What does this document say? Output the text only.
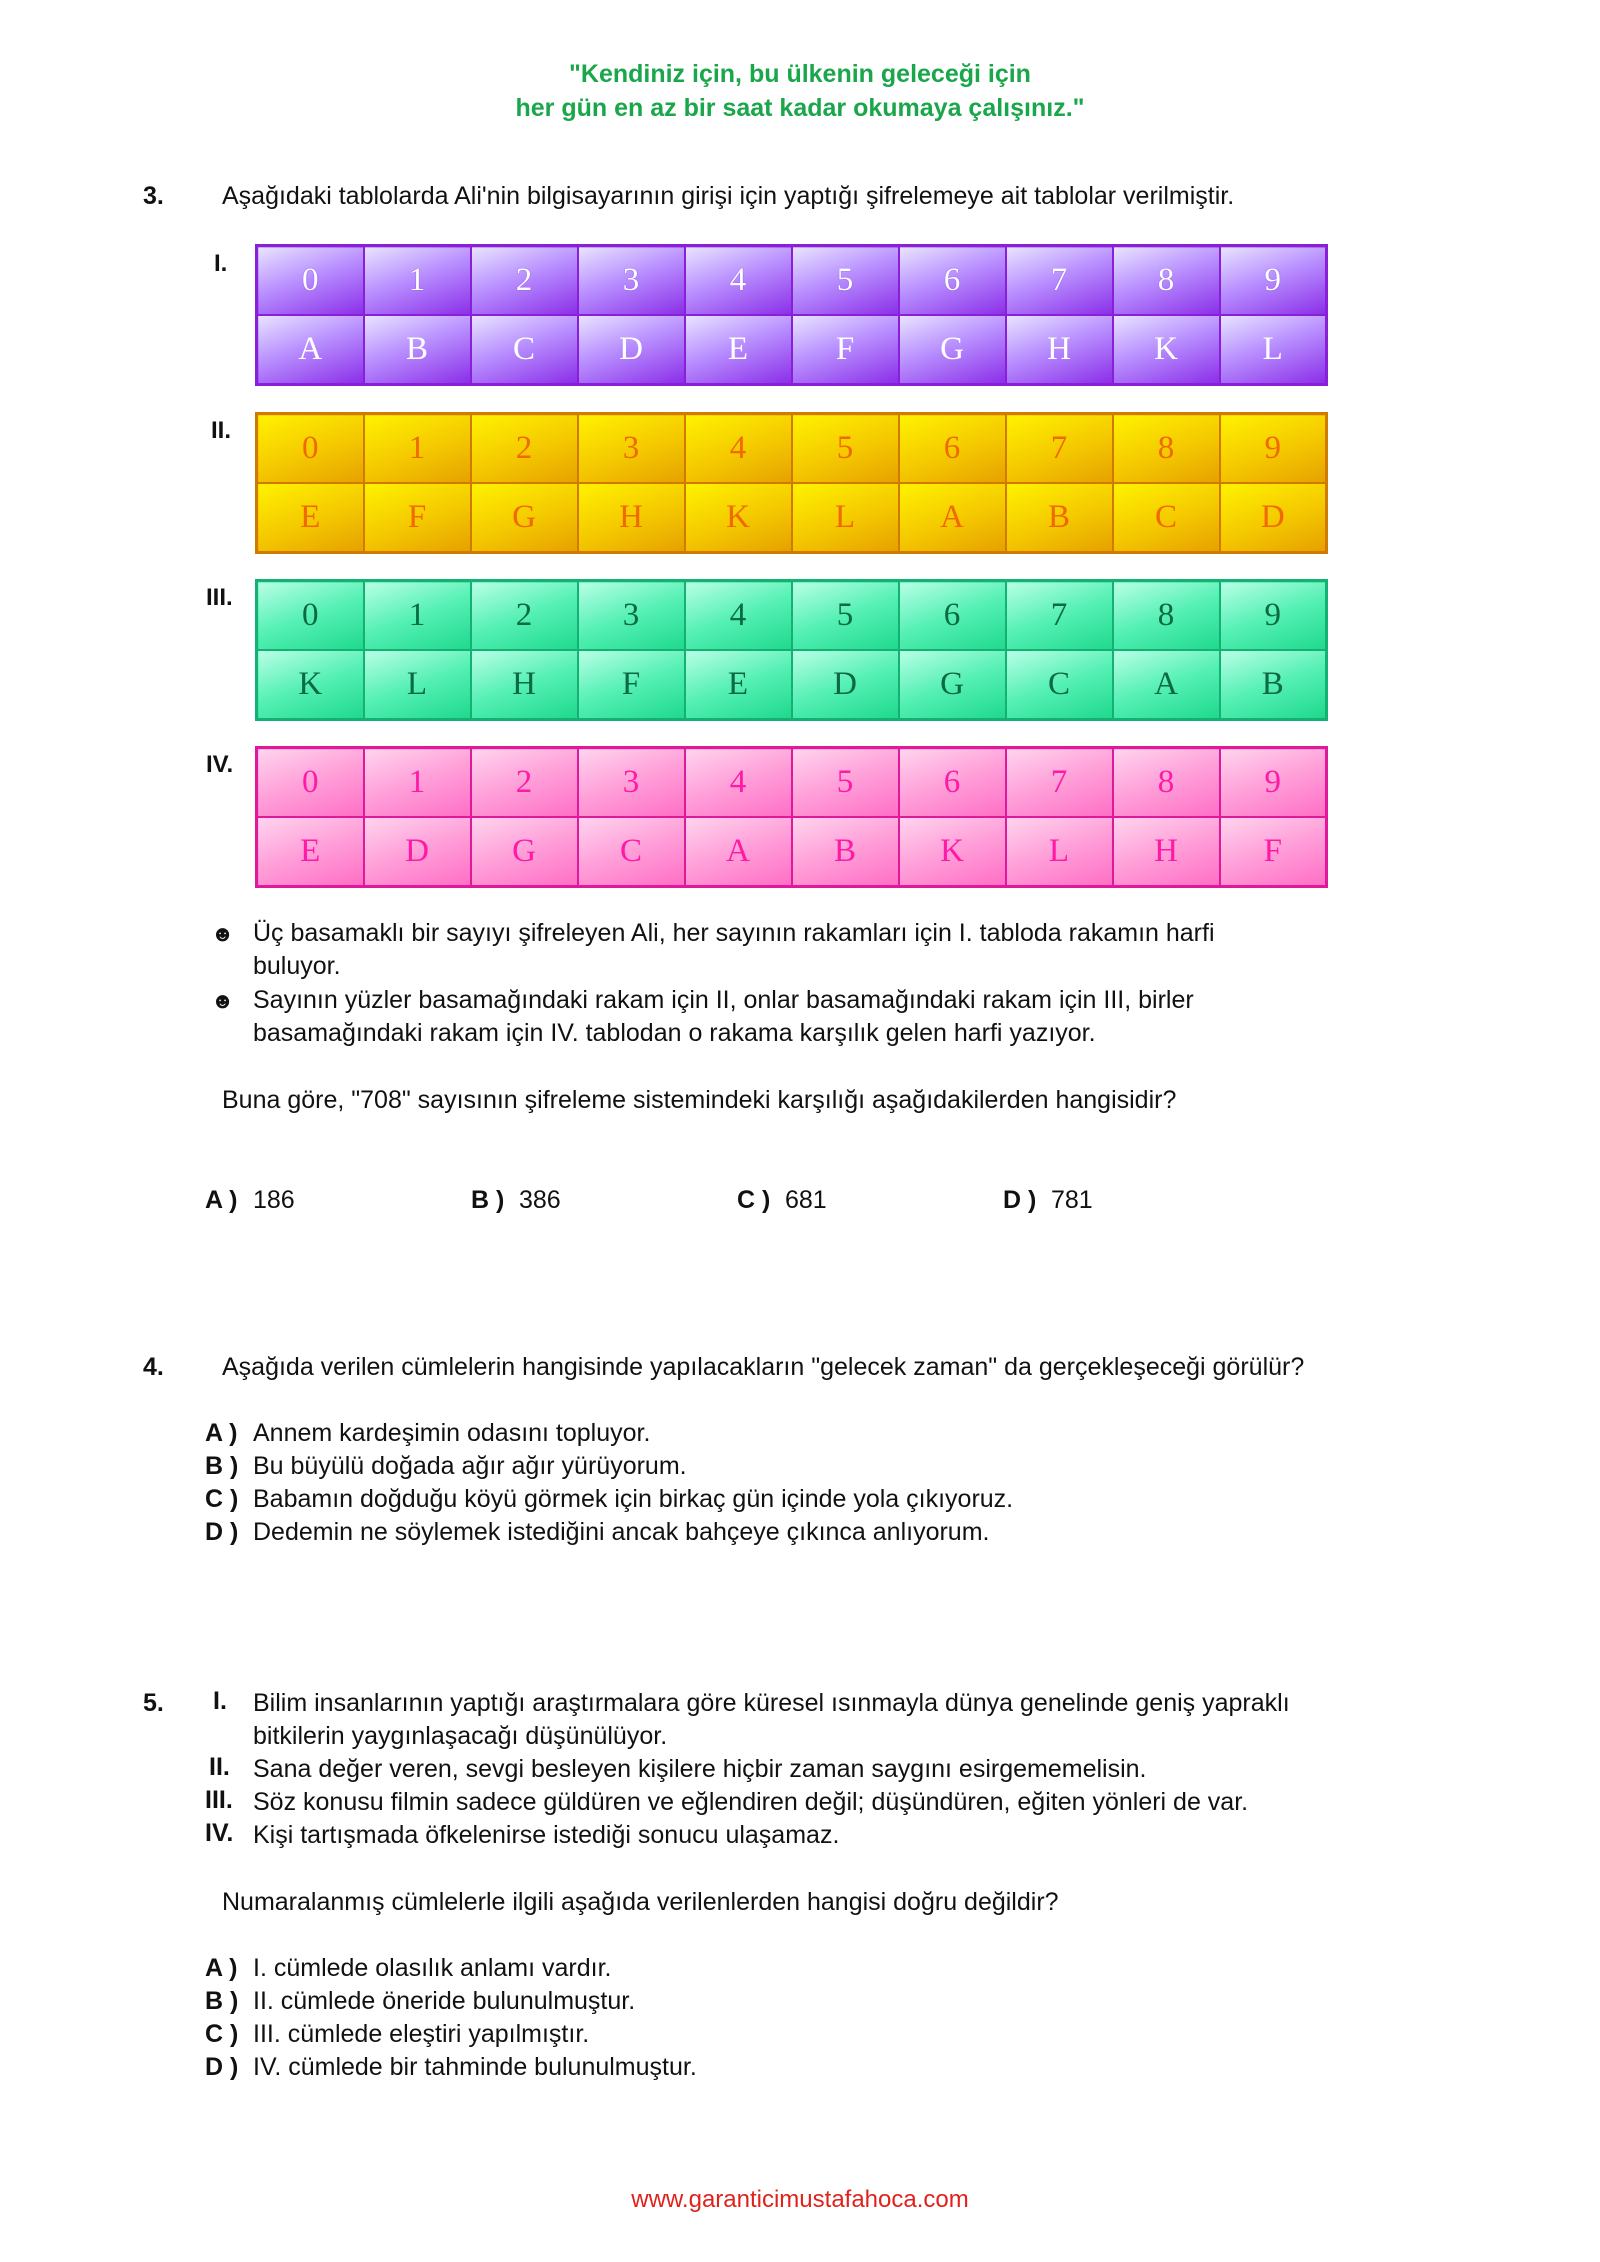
"Kendiniz için, bu ülkenin geleceği için
her gün en az bir saat kadar okumaya çalışınız."
3. Aşağıdaki tablolarda Ali'nin bilgisayarının girişi için yaptığı şifrelemeye ait tablolar verilmiştir.
I. 0	1	2	3	4	5	6	7	8	9
A	B	C	D	E	F	G	H	K	L
II. 0	1	2	3	4	5	6	7	8	9
E	F	G	H	K	L	A	B	C	D
III. 0	1	2	3	4	5	6	7	8	9
K	L	H	F	E	D	G	C	A	B
IV. 0	1	2	3	4	5	6	7	8	9
E	D	G	C	A	B	K	L	H	F
☻ Üç basamaklı bir sayıyı şifreleyen Ali, her sayının rakamları için I. tabloda rakamın harfi
buluyor.
☻ Sayının yüzler basamağındaki rakam için II, onlar basamağındaki rakam için III, birler
basamağındaki rakam için IV. tablodan o rakama karşılık gelen harfi yazıyor.
Buna göre, "708" sayısının şifreleme sistemindeki karşılığı aşağıdakilerden hangisidir?
A ) 186	B ) 386	C ) 681	D ) 781
4. Aşağıda verilen cümlelerin hangisinde yapılacakların "gelecek zaman" da gerçekleşeceği görülür?
A ) Annem kardeşimin odasını topluyor.
B ) Bu büyülü doğada ağır ağır yürüyorum.
C ) Babamın doğduğu köyü görmek için birkaç gün içinde yola çıkıyoruz.
D ) Dedemin ne söylemek istediğini ancak bahçeye çıkınca anlıyorum.
5. I. Bilim insanlarının yaptığı araştırmalara göre küresel ısınmayla dünya genelinde geniş yapraklı
bitkilerin yaygınlaşacağı düşünülüyor.
II. Sana değer veren, sevgi besleyen kişilere hiçbir zaman saygını esirgememelisin.
III. Söz konusu filmin sadece güldüren ve eğlendiren değil; düşündüren, eğiten yönleri de var.
IV. Kişi tartışmada öfkelenirse istediği sonucu ulaşamaz.
Numaralanmış cümlelerle ilgili aşağıda verilenlerden hangisi doğru değildir?
A ) I. cümlede olasılık anlamı vardır.
B ) II. cümlede öneride bulunulmuştur.
C ) III. cümlede eleştiri yapılmıştır.
D ) IV. cümlede bir tahminde bulunulmuştur.
www.garanticimustafahoca.com
